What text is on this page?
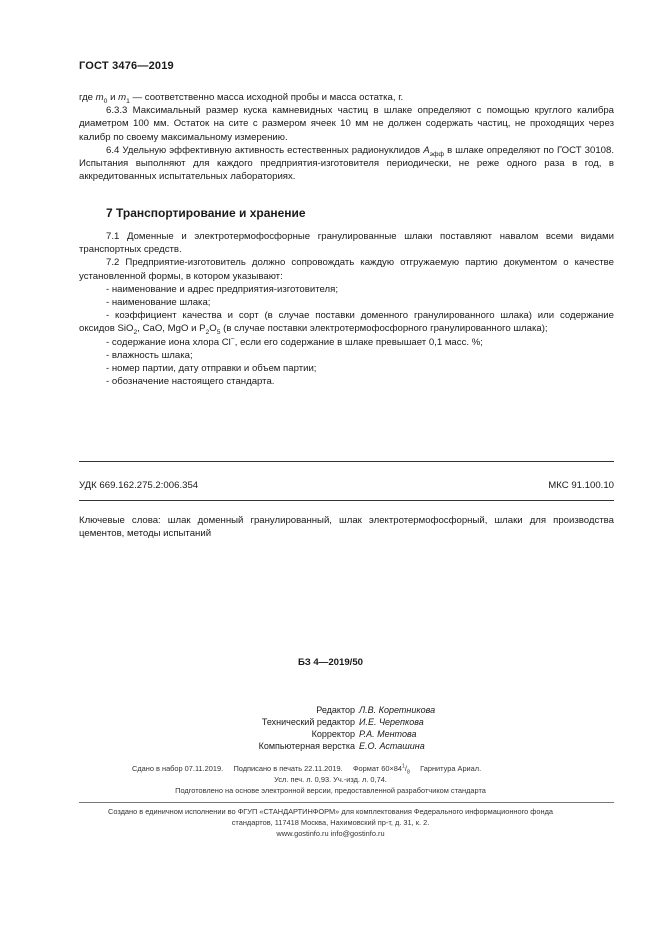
ГОСТ 3476—2019

где $m_0$ и $m_1$ — соответственно масса исходной пробы и масса остатка, г.

6.3.3 Максимальный размер куска камневидных частиц в шлаке определяют с помощью круглого калибра диаметром 100 мм. Остаток на сите с размером ячеек 10 мм не должен содержать частиц, не проходящих через калибр по своему максимальному измерению.

6.4 Удельную эффективную активность естественных радионуклидов $А_{эфф}$ в шлаке определяют по ГОСТ 30108. Испытания выполняют для каждого предприятия-изготовителя периодически, не реже одного раза в год, в аккредитованных испытательных лабораториях.

7 Транспортирование и хранение

7.1 Доменные и электротермофосфорные гранулированные шлаки поставляют навалом всеми видами транспортных средств.

7.2 Предприятие-изготовитель должно сопровождать каждую отгружаемую партию документом о качестве установленной формы, в котором указывают:

- наименование и адрес предприятия-изготовителя;

- наименование шлака;

- коэффициент качества и сорт (в случае поставки доменного гранулированного шлака) или содержание оксидов SiO$_2$, CaO, MgO и $P_2O_5$ (в случае поставки электротермофосфорного гранулированного шлака);

- содержание иона хлора Cl−, если его содержание в шлаке превышает 0,1 масс. %;

- влажность шлака;

- номер партии, дату отправки и объем партии;

- обозначение настоящего стандарта.

УДК 669.162.275.2:006.354	МКС 91.100.10

Ключевые слова: шлак доменный гранулированный, шлак электротермофосфорный, шлаки для производства цементов, методы испытаний

БЗ 4—2019/50
Редактор Л.В. Коретникова
Технический редактор И.Е. Черепкова
Корректор Р.А. Ментова
Компьютерная верстка Е.О. Асташина
Сдано в набор 07.11.2019. Подписано в печать 22.11.2019. Формат $60\times 84^1/_8$ Гарнитура Ариал.
Усл. печ. л. 0,93. Уч.-изд. л. 0,74.
Подготовлено на основе электронной версии, предоставленной разработчиком стандарта
Создано в единичном исполнении во ФГУП «СТАНДАРТИНФОРМ» для комплектования Федерального информационного фонда
стандартов, 117418 Москва, Нахимовский пр-т, д. 31, к. 2.
www.gostinfo.ru info@gostinfo.ru
